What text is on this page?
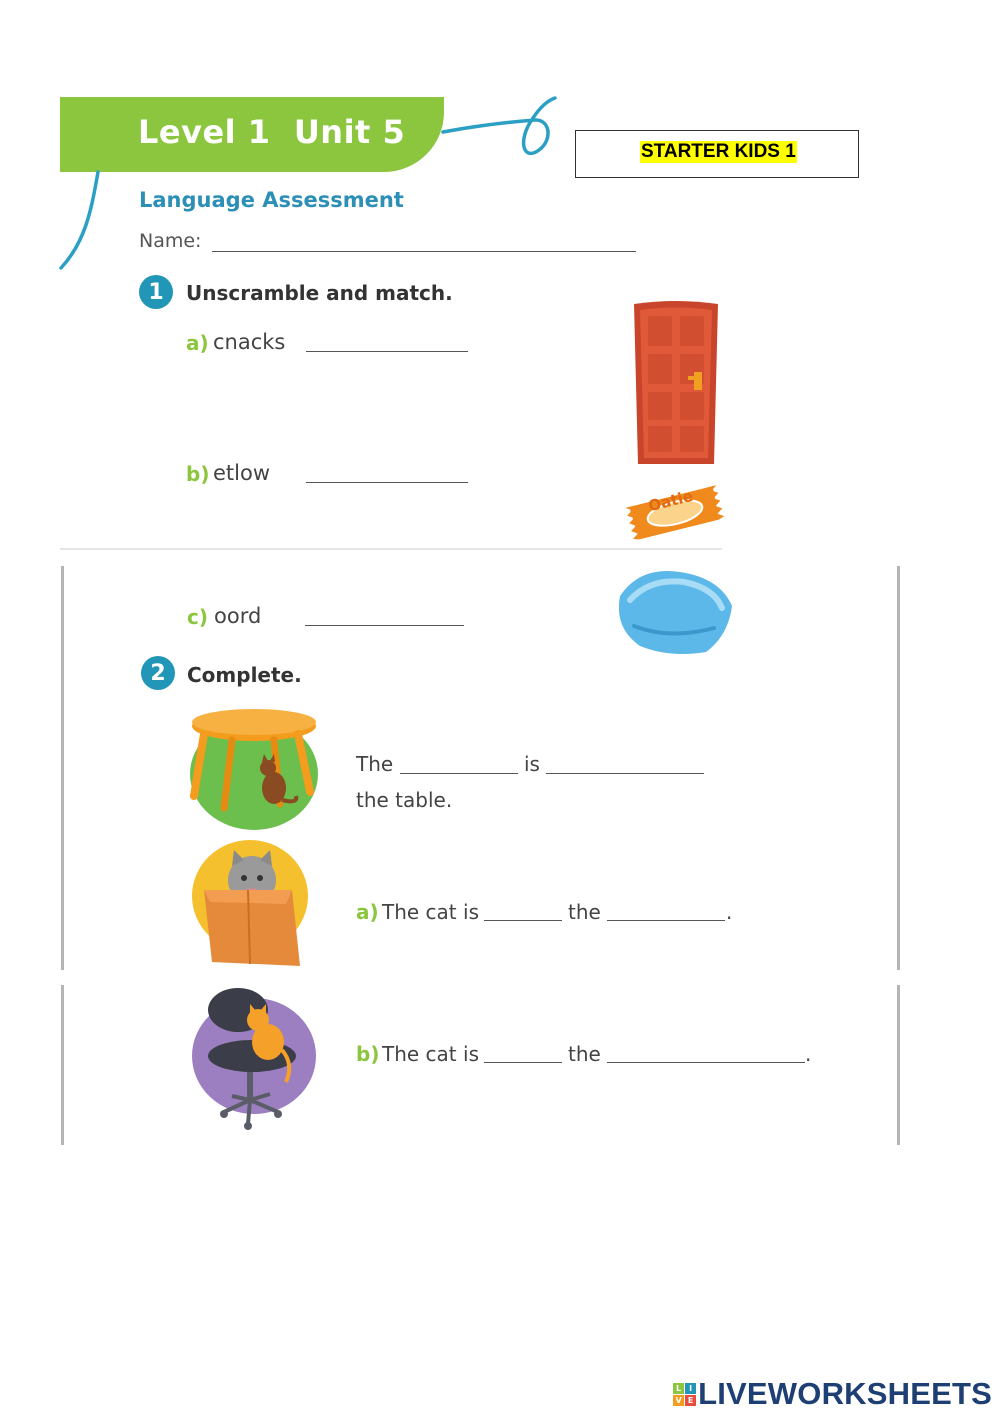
Level 1  Unit 5
STARTER KIDS 1
Language Assessment
Name:
1	Unscramble and match.
a) cnacks
b) etlow
Oatie
c) oord
2	Complete.
The	is
the table.
a) The cat is	the	.
b) The cat is	the	.
L I
V E LIVEWORKSHEETS
